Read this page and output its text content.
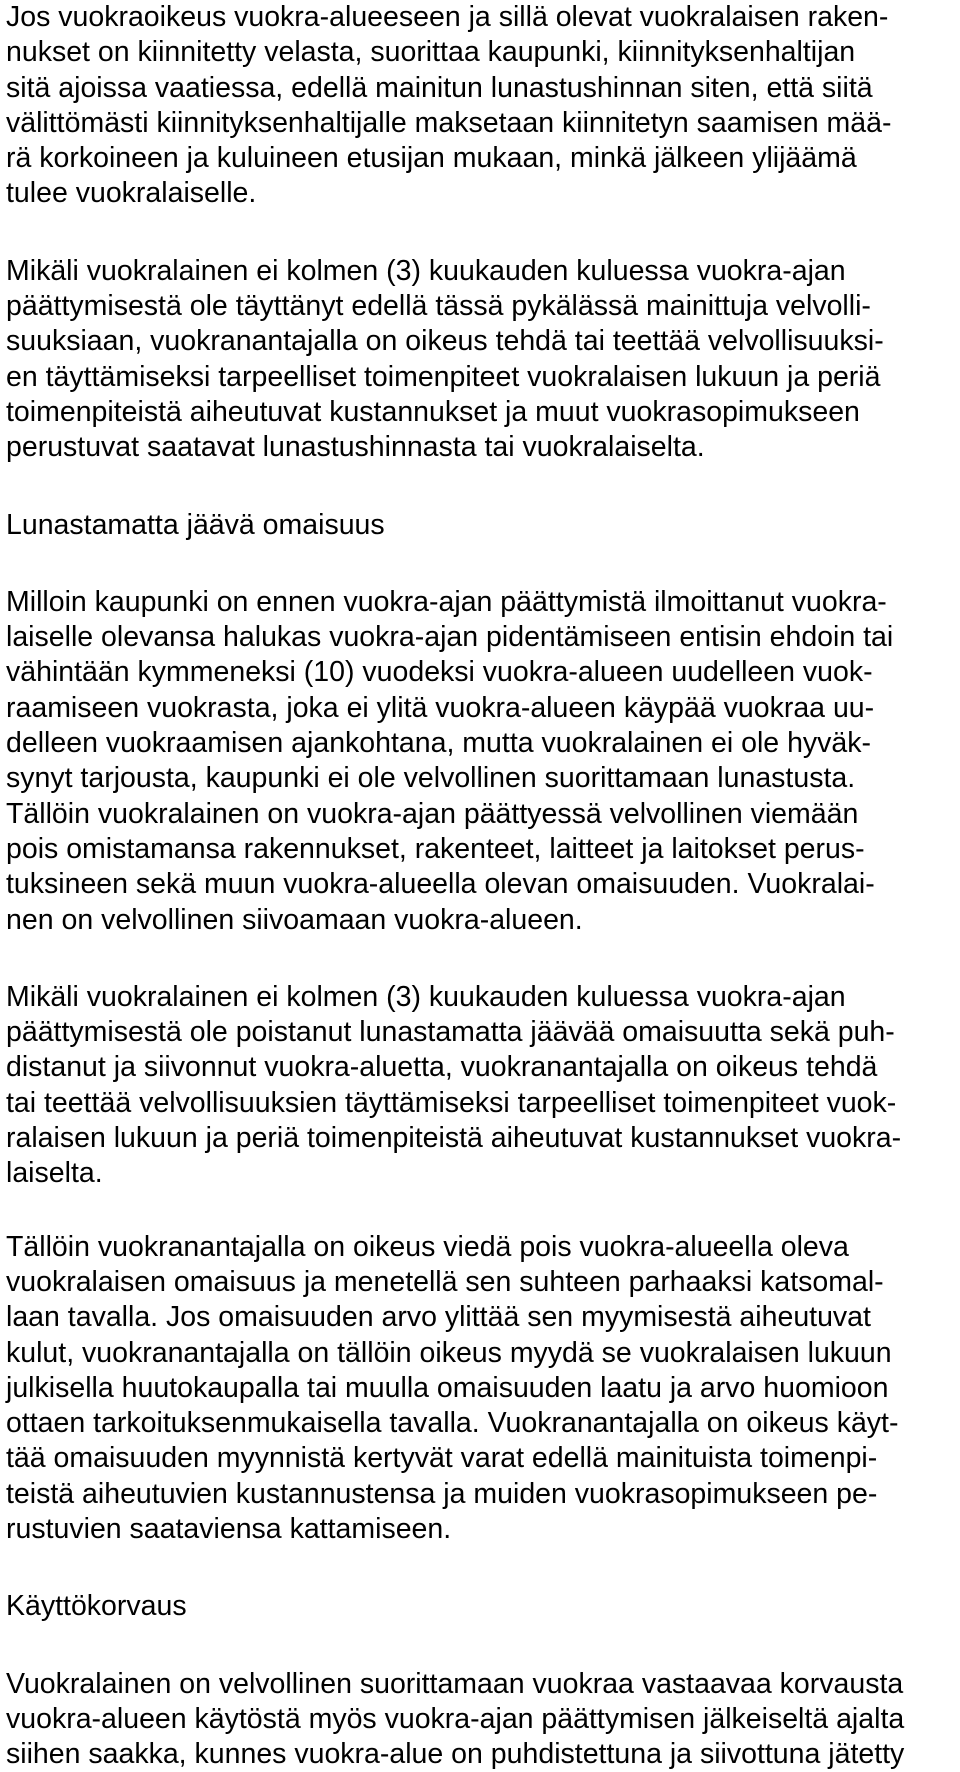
Jos vuokraoikeus vuokra-alueeseen ja sillä olevat vuokralaisen raken-
nukset on kiinnitetty velasta, suorittaa kaupunki, kiinnityksenhaltijan
sitä ajoissa vaatiessa, edellä mainitun lunastushinnan siten, että siitä
välittömästi kiinnityksenhaltijalle maksetaan kiinnitetyn saamisen mää-
rä korkoineen ja kuluineen etusijan mukaan, minkä jälkeen ylijäämä
tulee vuokralaiselle.
Mikäli vuokralainen ei kolmen (3) kuukauden kuluessa vuokra-ajan
päättymisestä ole täyttänyt edellä tässä pykälässä mainittuja velvolli-
suuksiaan, vuokranantajalla on oikeus tehdä tai teettää velvollisuuksi-
en täyttämiseksi tarpeelliset toimenpiteet vuokralaisen lukuun ja periä
toimenpiteistä aiheutuvat kustannukset ja muut vuokrasopimukseen
perustuvat saatavat lunastushinnasta tai vuokralaiselta.
Lunastamatta jäävä omaisuus
Milloin kaupunki on ennen vuokra-ajan päättymistä ilmoittanut vuokra-
laiselle olevansa halukas vuokra-ajan pidentämiseen entisin ehdoin tai
vähintään kymmeneksi (10) vuodeksi vuokra-alueen uudelleen vuok-
raamiseen vuokrasta, joka ei ylitä vuokra-alueen käypää vuokraa uu-
delleen vuokraamisen ajankohtana, mutta vuokralainen ei ole hyväk-
synyt tarjousta, kaupunki ei ole velvollinen suorittamaan lunastusta.
Tällöin vuokralainen on vuokra-ajan päättyessä velvollinen viemään
pois omistamansa rakennukset, rakenteet, laitteet ja laitokset perus-
tuksineen sekä muun vuokra-alueella olevan omaisuuden. Vuokralai-
nen on velvollinen siivoamaan vuokra-alueen.
Mikäli vuokralainen ei kolmen (3) kuukauden kuluessa vuokra-ajan
päättymisestä ole poistanut lunastamatta jäävää omaisuutta sekä puh-
distanut ja siivonnut vuokra-aluetta, vuokranantajalla on oikeus tehdä
tai teettää velvollisuuksien täyttämiseksi tarpeelliset toimenpiteet vuok-
ralaisen lukuun ja periä toimenpiteistä aiheutuvat kustannukset vuokra-
laiselta.
Tällöin vuokranantajalla on oikeus viedä pois vuokra-alueella oleva
vuokralaisen omaisuus ja menetellä sen suhteen parhaaksi katsomal-
laan tavalla. Jos omaisuuden arvo ylittää sen myymisestä aiheutuvat
kulut, vuokranantajalla on tällöin oikeus myydä se vuokralaisen lukuun
julkisella huutokaupalla tai muulla omaisuuden laatu ja arvo huomioon
ottaen tarkoituksenmukaisella tavalla. Vuokranantajalla on oikeus käyt-
tää omaisuuden myynnistä kertyvät varat edellä mainituista toimenpi-
teistä aiheutuvien kustannustensa ja muiden vuokrasopimukseen pe-
rustuvien saataviensa kattamiseen.
Käyttökorvaus
Vuokralainen on velvollinen suorittamaan vuokraa vastaavaa korvausta
vuokra-alueen käytöstä myös vuokra-ajan päättymisen jälkeiseltä ajalta
siihen saakka, kunnes vuokra-alue on puhdistettuna ja siivottuna jätetty
